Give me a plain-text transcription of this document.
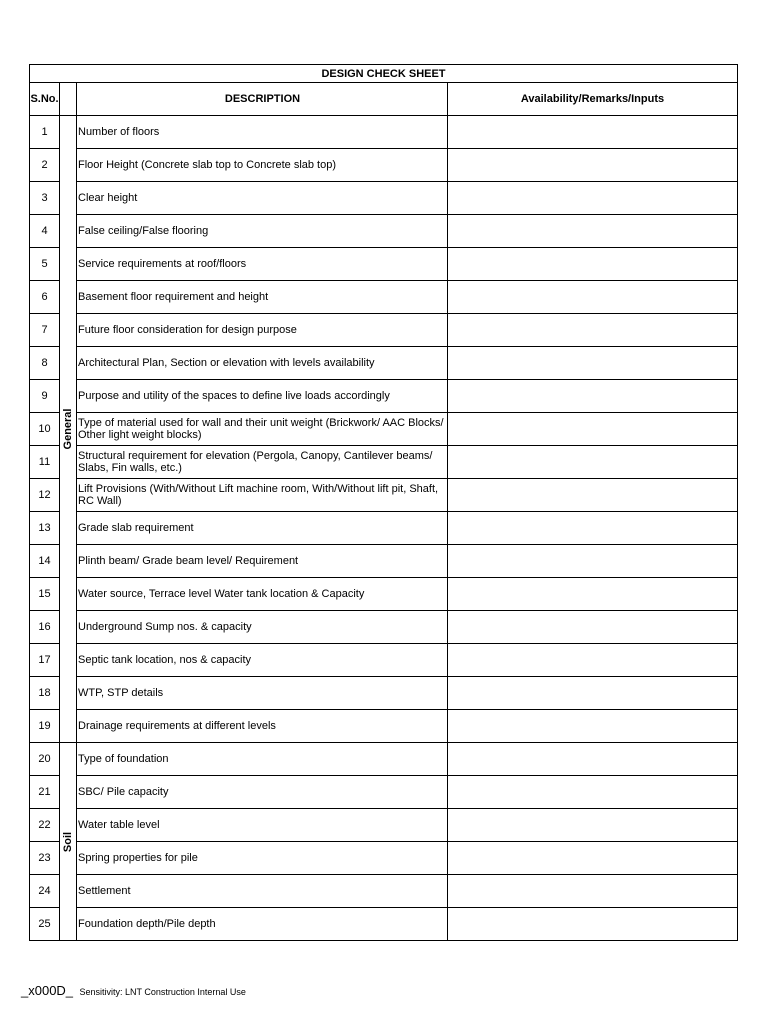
DESIGN CHECK SHEET			
S.No.		DESCRIPTION	Availability/Remarks/Inputs
1	General	Number of floors	
2		Floor Height (Concrete slab top to Concrete slab top)	
3		Clear height	
4		False ceiling/False flooring	
5		Service requirements at roof/floors	
6		Basement floor requirement and height	
7		Future floor consideration for design purpose	
8		Architectural Plan, Section or elevation with levels availability	
9		Purpose and utility of the spaces to define live loads accordingly	
10		Type of material used for wall and their unit weight (Brickwork/ AAC Blocks/ Other light weight blocks)	
11		Structural requirement for elevation (Pergola, Canopy, Cantilever beams/ Slabs, Fin walls, etc.)	
12		Lift Provisions (With/Without Lift machine room, With/Without lift pit, Shaft, RC Wall)	
13		Grade slab requirement	
14		Plinth beam/ Grade beam level/ Requirement	
15		Water source, Terrace level Water tank location & Capacity	
16		Underground Sump nos. & capacity	
17		Septic tank location, nos & capacity	
18		WTP, STP details	
19		Drainage requirements at different levels	
20	Soil	Type of foundation	
21		SBC/ Pile capacity	
22		Water table level	
23		Spring properties for pile	
24		Settlement	
25		Foundation depth/Pile depth	
_x000D_ Sensitivity: LNT Construction Internal Use
